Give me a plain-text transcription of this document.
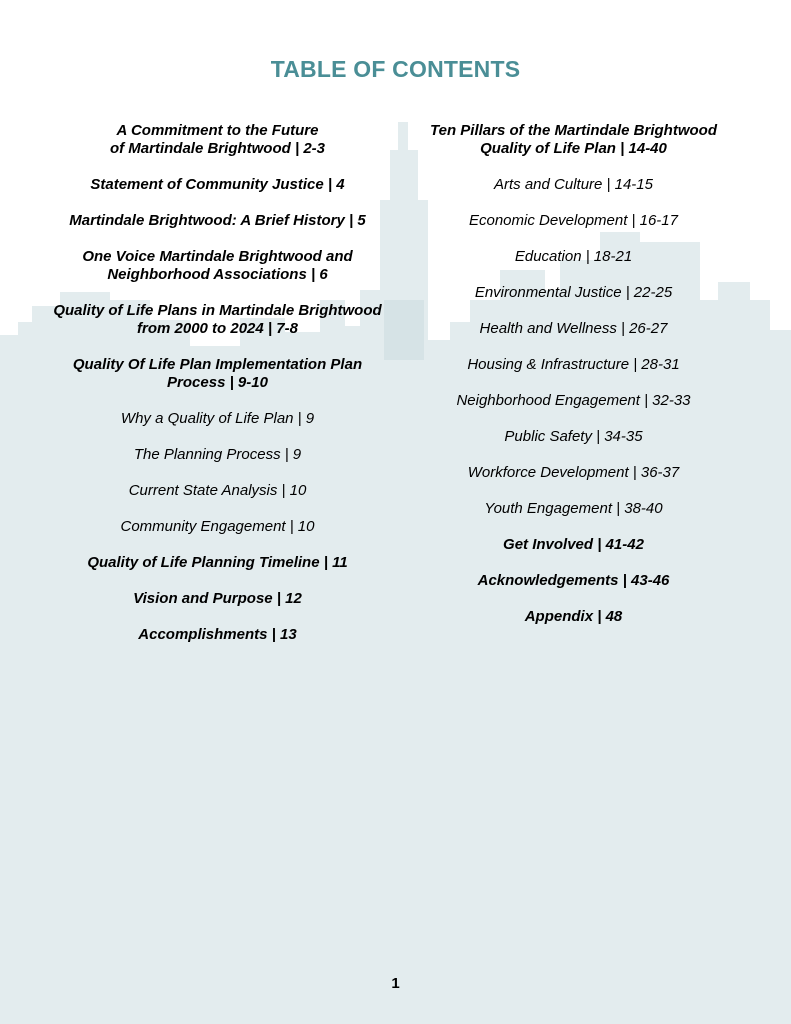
TABLE OF CONTENTS
A Commitment to the Future
of Martindale Brightwood | 2-3
Statement of Community Justice | 4
Martindale Brightwood: A Brief History | 5
One Voice Martindale Brightwood and
Neighborhood Associations | 6
Quality of Life Plans in Martindale Brightwood
from 2000 to 2024 | 7-8
Quality Of Life Plan Implementation Plan
Process | 9-10
Why a Quality of Life Plan | 9
The Planning Process | 9
Current State Analysis | 10
Community Engagement | 10
Quality of Life Planning Timeline | 11
Vision and Purpose | 12
Accomplishments | 13
Ten Pillars of the Martindale Brightwood
Quality of Life Plan | 14-40
Arts and Culture | 14-15
Economic Development | 16-17
Education | 18-21
Environmental Justice | 22-25
Health and Wellness | 26-27
Housing & Infrastructure | 28-31
Neighborhood Engagement | 32-33
Public Safety | 34-35
Workforce Development | 36-37
Youth Engagement | 38-40
Get Involved | 41-42
Acknowledgements | 43-46
Appendix | 48
1
